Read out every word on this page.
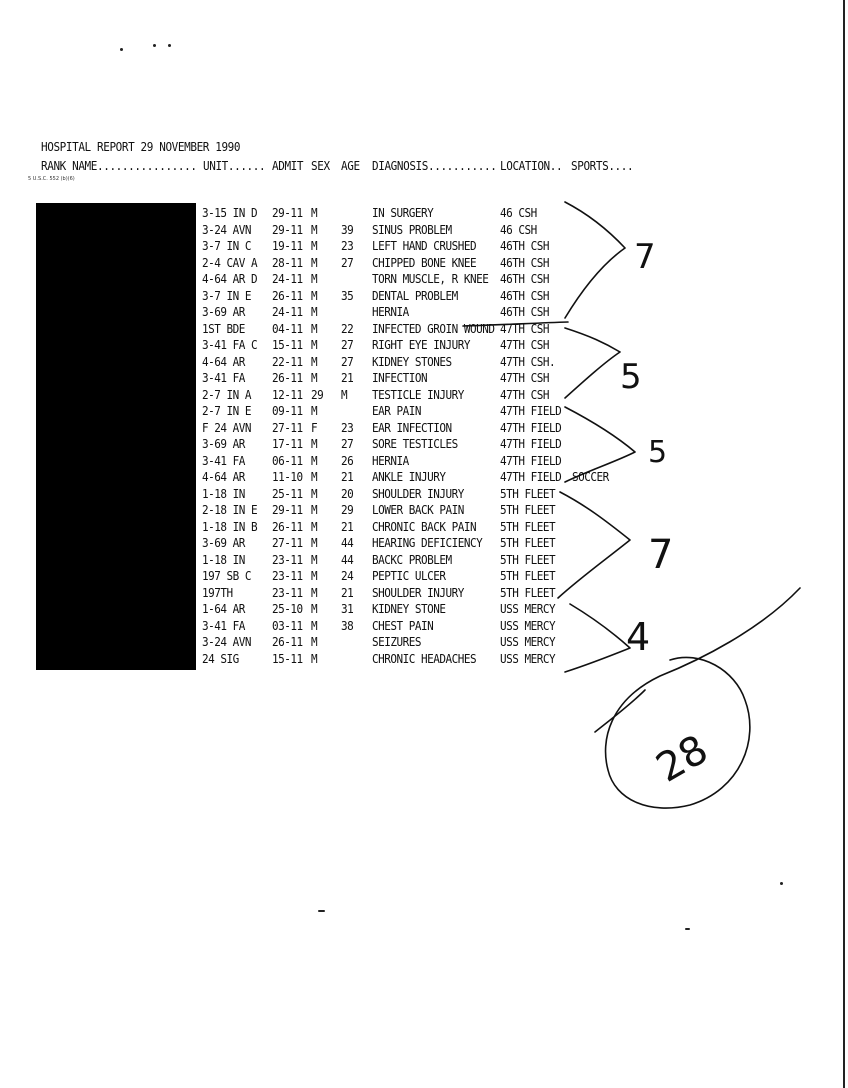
HOSPITAL REPORT 29 NOVEMBER 1990
RANK NAME................ UNIT...... ADMIT SEX AGE DIAGNOSIS........... LOCATION.. SPORTS....
5 U.S.C. 552 (b)(6)
3-15 IN D 29-11 M	IN SURGERY	46 CSH
3-24 AVN 29-11 M 39 SINUS PROBLEM	46 CSH
3-7 IN C 19-11 M 23 LEFT HAND CRUSHED 46TH CSH
2-4 CAV A 28-11 M 27 CHIPPED BONE KNEE 46TH CSH
4-64 AR D 24-11 M	TORN MUSCLE, R KNEE 46TH CSH
3-7 IN E 26-11 M 35 DENTAL PROBLEM	46TH CSH
3-69 AR 24-11 M	HERNIA	46TH CSH
1ST BDE 04-11 M 22 INFECTED GROIN WOUND 47TH CSH
3-41 FA C 15-11 M 27 RIGHT EYE INJURY	47TH CSH
4-64 AR 22-11 M 27 KIDNEY STONES	47TH CSH.
3-41 FA 26-11 M 21 INFECTION	47TH CSH
2-7 IN A 12-11 29 M TESTICLE INJURY	47TH CSH
2-7 IN E 09-11 M	EAR PAIN	47TH FIELD
F 24 AVN 27-11 F 23 EAR INFECTION	47TH FIELD
3-69 AR 17-11 M 27 SORE TESTICLES	47TH FIELD
3-41 FA 06-11 M 26 HERNIA	47TH FIELD
4-64 AR 11-10 M 21 ANKLE INJURY	47TH FIELD SOCCER
1-18 IN 25-11 M 20 SHOULDER INJURY	5TH FLEET
2-18 IN E 29-11 M 29 LOWER BACK PAIN	5TH FLEET
1-18 IN B 26-11 M 21 CHRONIC BACK PAIN 5TH FLEET
3-69 AR 27-11 M 44 HEARING DEFICIENCY 5TH FLEET
1-18 IN 23-11 M 44 BACKC PROBLEM	5TH FLEET
197 SB C 23-11 M 24 PEPTIC ULCER	5TH FLEET
197TH	23-11 M 21 SHOULDER INJURY	5TH FLEET
1-64 AR 25-10 M 31 KIDNEY STONE	USS MERCY
3-41 FA 03-11 M 38 CHEST PAIN	USS MERCY
3-24 AVN 26-11 M	SEIZURES	USS MERCY
24 SIG	15-11 M	CHRONIC HEADACHES USS MERCY
7
5
5
7
4
28
